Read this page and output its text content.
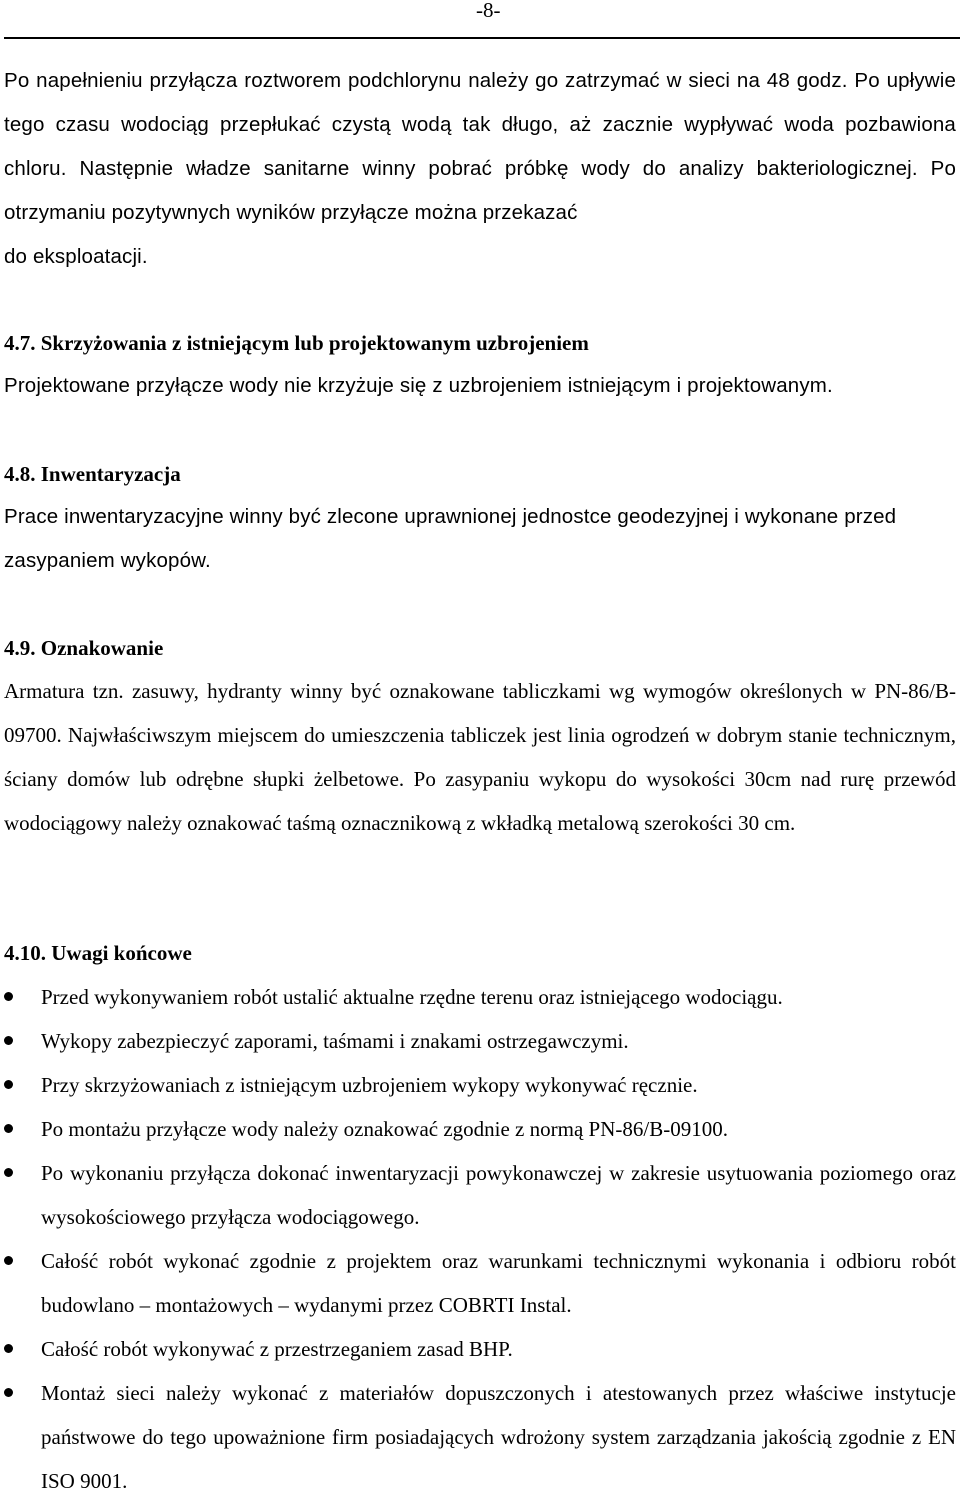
-8-
Po napełnieniu przyłącza roztworem podchlorynu należy go zatrzymać w sieci na 48 godz. Po upływie tego czasu wodociąg przepłukać czystą wodą tak długo, aż zacznie wypływać woda pozbawiona chloru. Następnie władze sanitarne winny pobrać próbkę wody do analizy bakteriologicznej. Po otrzymaniu pozytywnych wyników przyłącze można przekazać
do eksploatacji.
4.7. Skrzyżowania z istniejącym lub projektowanym uzbrojeniem
Projektowane przyłącze wody nie krzyżuje się z uzbrojeniem istniejącym i projektowanym.
4.8. Inwentaryzacja
Prace inwentaryzacyjne winny być zlecone uprawnionej jednostce geodezyjnej i wykonane przed zasypaniem wykopów.
4.9. Oznakowanie
Armatura tzn. zasuwy, hydranty winny być oznakowane tabliczkami wg wymogów określonych w PN-86/B-09700. Najwłaściwszym miejscem do umieszczenia tabliczek jest linia ogrodzeń w dobrym stanie technicznym, ściany domów lub odrębne słupki żelbetowe. Po zasypaniu wykopu do wysokości 30cm nad rurę przewód wodociągowy należy oznakować taśmą oznacznikową z wkładką metalową szerokości 30 cm.
4.10. Uwagi końcowe
Przed wykonywaniem robót ustalić aktualne rzędne terenu oraz istniejącego wodociągu.
Wykopy zabezpieczyć zaporami, taśmami i znakami ostrzegawczymi.
Przy skrzyżowaniach z istniejącym uzbrojeniem wykopy wykonywać ręcznie.
Po montażu przyłącze wody należy oznakować zgodnie z normą PN-86/B-09100.
Po wykonaniu przyłącza dokonać inwentaryzacji powykonawczej w zakresie usytuowania poziomego oraz wysokościowego przyłącza wodociągowego.
Całość robót wykonać zgodnie z projektem oraz warunkami technicznymi wykonania i odbioru robót budowlano – montażowych – wydanymi przez COBRTI Instal.
Całość robót wykonywać z przestrzeganiem zasad BHP.
Montaż sieci należy wykonać z materiałów dopuszczonych i atestowanych przez właściwe instytucje państwowe do tego upoważnione firm posiadających wdrożony system zarządzania jakością zgodnie z EN ISO 9001.
